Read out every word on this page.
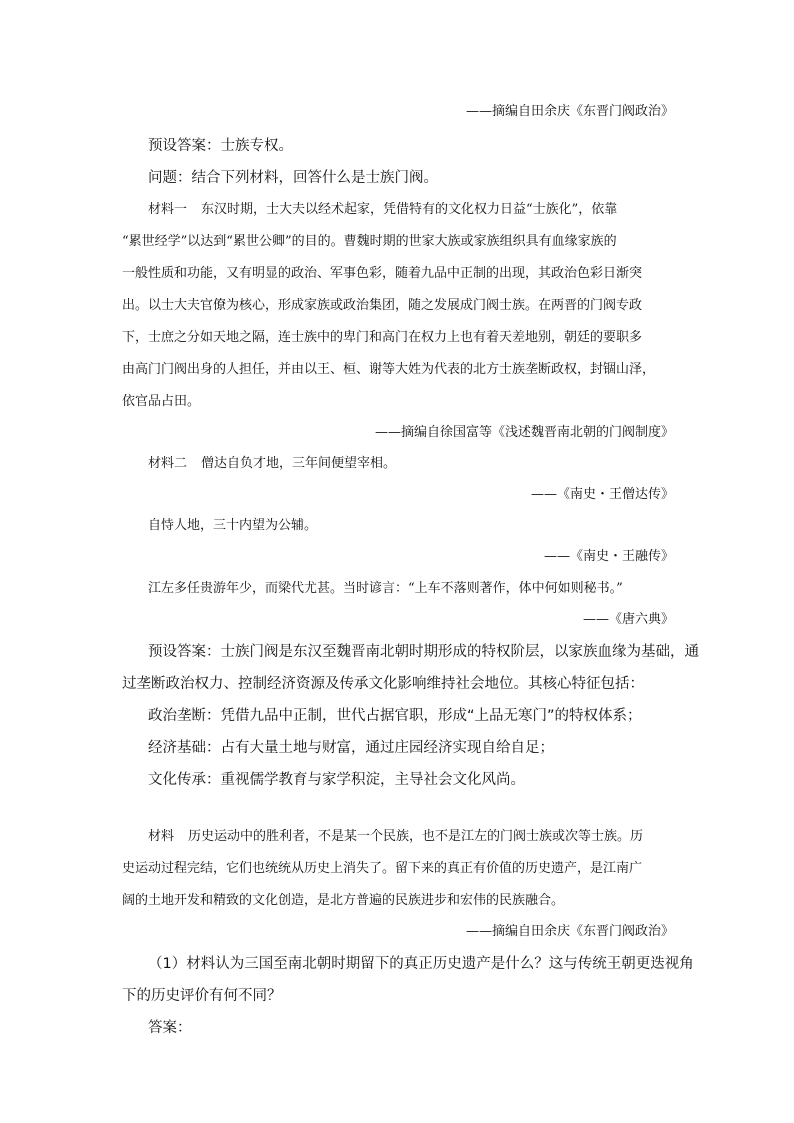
——摘编自田余庆《东晋门阀政治》
预设答案：士族专权。
问题：结合下列材料，回答什么是士族门阀。
材料一 东汉时期，士大夫以经术起家，凭借特有的文化权力日益“士族化”，依靠
“累世经学”以达到“累世公卿”的目的。曹魏时期的世家大族或家族组织具有血缘家族的
一般性质和功能，又有明显的政治、军事色彩，随着九品中正制的出现，其政治色彩日渐突
出。以士大夫官僚为核心，形成家族或政治集团，随之发展成门阀士族。在两晋的门阀专政
下，士庶之分如天地之隔，连士族中的卑门和高门在权力上也有着天差地别，朝廷的要职多
由高门门阀出身的人担任，并由以王、桓、谢等大姓为代表的北方士族垄断政权，封锢山泽，
依官品占田。
——摘编自徐国富等《浅述魏晋南北朝的门阀制度》
材料二 僧达自负才地，三年间便望宰相。
——《南史・王僧达传》
自恃人地，三十内望为公辅。
——《南史・王融传》
江左多任贵游年少，而梁代尤甚。当时谚言：“上车不落则著作，体中何如则秘书。”
——《唐六典》
预设答案：士族门阀是东汉至魏晋南北朝时期形成的特权阶层，以家族血缘为基础，通
过垄断政治权力、控制经济资源及传承文化影响维持社会地位。其核心特征包括：
政治垄断：凭借九品中正制，世代占据官职，形成“上品无寒门”的特权体系；
经济基础：占有大量土地与财富，通过庄园经济实现自给自足；
文化传承：重视儒学教育与家学积淀，主导社会文化风尚。
材料 历史运动中的胜利者，不是某一个民族，也不是江左的门阀士族或次等士族。历
史运动过程完结，它们也统统从历史上消失了。留下来的真正有价值的历史遗产，是江南广
阔的土地开发和精致的文化创造，是北方普遍的民族进步和宏伟的民族融合。
——摘编自田余庆《东晋门阀政治》
（1）材料认为三国至南北朝时期留下的真正历史遗产是什么？这与传统王朝更迭视角
下的历史评价有何不同？
答案：
